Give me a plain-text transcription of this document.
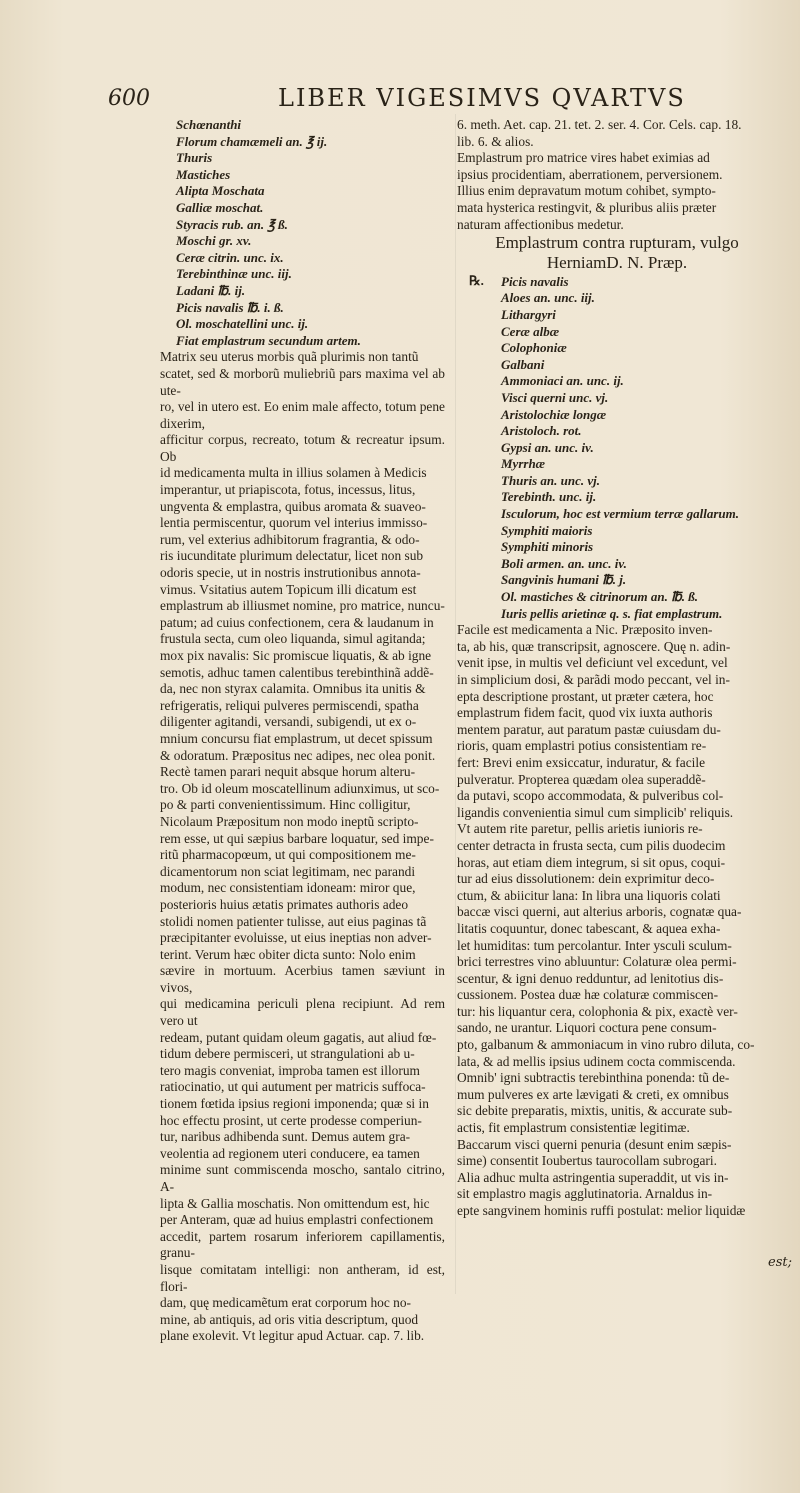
600	LIBER VIGESIMVS QVARTVS
Schœnanthi
Florum chamæmeli an. ℥ ij.
Thuris
Mastiches
Alipta Moschata
Galliæ moschat.
Styracis rub. an. ℥ ß.
Moschi gr. xv.
Ceræ citrin. unc. ix.
Terebinthinæ unc. iij.
Ladani ℔. ij.
Picis navalis ℔. i. ß.
Ol. moschatellini unc. ij.
Fiat emplastrum secundum artem.
Matrix seu uterus morbis quã plurimis non tantũ
scatet, sed & morborũ muliebriũ pars maxima vel ab ute-
ro, vel in utero est. Eo enim male affecto, totum pene dixerim,
afficitur corpus, recreato, totum & recreatur ipsum. Ob
id medicamenta multa in illius solamen à Medicis
imperantur, ut priapiscota, fotus, incessus, litus,
ungventa & emplastra, quibus aromata & suaveo-
lentia permiscentur, quorum vel interius immisso-
rum, vel exterius adhibitorum fragrantia, & odo-
ris iucunditate plurimum delectatur, licet non sub
odoris specie, ut in nostris instrutionibus annota-
vimus. Vsitatius autem Topicum illi dicatum est
emplastrum ab illiusmet nomine, pro matrice, nuncu-
patum; ad cuius confectionem, cera & laudanum in
frustula secta, cum oleo liquanda, simul agitanda;
mox pix navalis: Sic promiscue liquatis, & ab igne
semotis, adhuc tamen calentibus terebinthinã addẽ-
da, nec non styrax calamita. Omnibus ita unitis &
refrigeratis, reliqui pulveres permiscendi, spatha
diligenter agitandi, versandi, subigendi, ut ex o-
mnium concursu fiat emplastrum, ut decet spissum
& odoratum. Præpositus nec adipes, nec olea ponit.
Rectè tamen parari nequit absque horum alteru-
tro. Ob id oleum moscatellinum adiunximus, ut sco-
po & parti convenientissimum. Hinc colligitur,
Nicolaum Præpositum non modo ineptũ scripto-
rem esse, ut qui sæpius barbare loquatur, sed impe-
ritũ pharmacopœum, ut qui compositionem me-
dicamentorum non sciat legitimam, nec parandi
modum, nec consistentiam idoneam: miror que,
posterioris huius ætatis primates authoris adeo
stolidi nomen patienter tulisse, aut eius paginas tã
præcipitanter evoluisse, ut eius ineptias non adver-
terint. Verum hæc obiter dicta sunto: Nolo enim
sævire in mortuum. Acerbius tamen sæviunt in vivos,
qui medicamina periculi plena recipiunt. Ad rem vero ut
redeam, putant quidam oleum gagatis, aut aliud fœ-
tidum debere permisceri, ut strangulationi ab u-
tero magis conveniat, improba tamen est illorum
ratiocinatio, ut qui autument per matricis suffoca-
tionem fœtida ipsius regioni imponenda; quæ si in
hoc effectu prosint, ut certe prodesse comperiun-
tur, naribus adhibenda sunt. Demus autem gra-
veolentia ad regionem uteri conducere, ea tamen
minime sunt commiscenda moscho, santalo citrino, A-
lipta & Gallia moschatis. Non omittendum est, hic
per Anteram, quæ ad huius emplastri confectionem
accedit, partem rosarum inferiorem capillamentis, granu-
lisque comitatam intelligi: non antheram, id est, flori-
dam, quę medicamẽtum erat corporum hoc no-
mine, ab antiquis, ad oris vitia descriptum, quod
plane exolevit. Vt legitur apud Actuar. cap. 7. lib.
6. meth. Aet. cap. 21. tet. 2. ser. 4. Cor. Cels. cap. 18.
lib. 6. & alios.
Emplastrum pro matrice vires habet eximias ad
ipsius procidentiam, aberrationem, perversionem.
Illius enim depravatum motum cohibet, sympto-
mata hysterica restingvit, & pluribus aliis præter
naturam affectionibus medetur.
Emplastrum contra rupturam, vulgo
HerniamD. N. Præp.
℞.	Picis navalis
Aloes an. unc. iij.
Lithargyri
Ceræ albæ
Colophoniæ
Galbani
Ammoniaci an. unc. ij.
Visci querni unc. vj.
Aristolochiæ longæ
Aristoloch. rot.
Gypsi an. unc. iv.
Myrrhæ
Thuris an. unc. vj.
Terebinth. unc. ij.
Isculorum, hoc est vermium terræ gallarum.
Symphiti maioris
Symphiti minoris
Boli armen. an. unc. iv.
Sangvinis humani ℔. j.
Ol. mastiches & citrinorum an. ℔. ß.
Iuris pellis arietinæ q. s. fiat emplastrum.
Facile est medicamenta a Nic. Præposito inven-
ta, ab his, quæ transcripsit, agnoscere. Quę n. adin-
venit ipse, in multis vel deficiunt vel excedunt, vel
in simplicium dosi, & parãdi modo peccant, vel in-
epta descriptione prostant, ut præter cætera, hoc
emplastrum fidem facit, quod vix iuxta authoris
mentem paratur, aut paratum pastæ cuiusdam du-
rioris, quam emplastri potius consistentiam re-
fert: Brevi enim exsiccatur, induratur, & facile
pulveratur. Propterea quædam olea superaddẽ-
da putavi, scopo accommodata, & pulveribus col-
ligandis convenientia simul cum simplicib' reliquis.
Vt autem rite paretur, pellis arietis iunioris re-
center detracta in frusta secta, cum pilis duodecim
horas, aut etiam diem integrum, si sit opus, coqui-
tur ad eius dissolutionem: dein exprimitur deco-
ctum, & abiicitur lana: In libra una liquoris colati
baccæ visci querni, aut alterius arboris, cognatæ qua-
litatis coquuntur, donec tabescant, & aquea exha-
let humiditas: tum percolantur. Inter ysculi sculum-
brici terrestres vino abluuntur: Colaturæ olea permi-
scentur, & igni denuo redduntur, ad lenitotius dis-
cussionem. Postea duæ hæ colaturæ commiscen-
tur: his liquantur cera, colophonia & pix, exactè ver-
sando, ne urantur. Liquori coctura pene consum-
pto, galbanum & ammoniacum in vino rubro diluta, co-
lata, & ad mellis ipsius udinem cocta commiscenda.
Omnib' igni subtractis terebinthina ponenda: tũ de-
mum pulveres ex arte lævigati & creti, ex omnibus
sic debite preparatis, mixtis, unitis, & accurate sub-
actis, fit emplastrum consistentiæ legitimæ.
Baccarum visci querni penuria (desunt enim sæpis-
sime) consentit Ioubertus taurocollam subrogari.
Alia adhuc multa astringentia superaddit, ut vis in-
sit emplastro magis agglutinatoria. Arnaldus in-
epte sangvinem hominis ruffi postulat: melior liquidæ
est;
